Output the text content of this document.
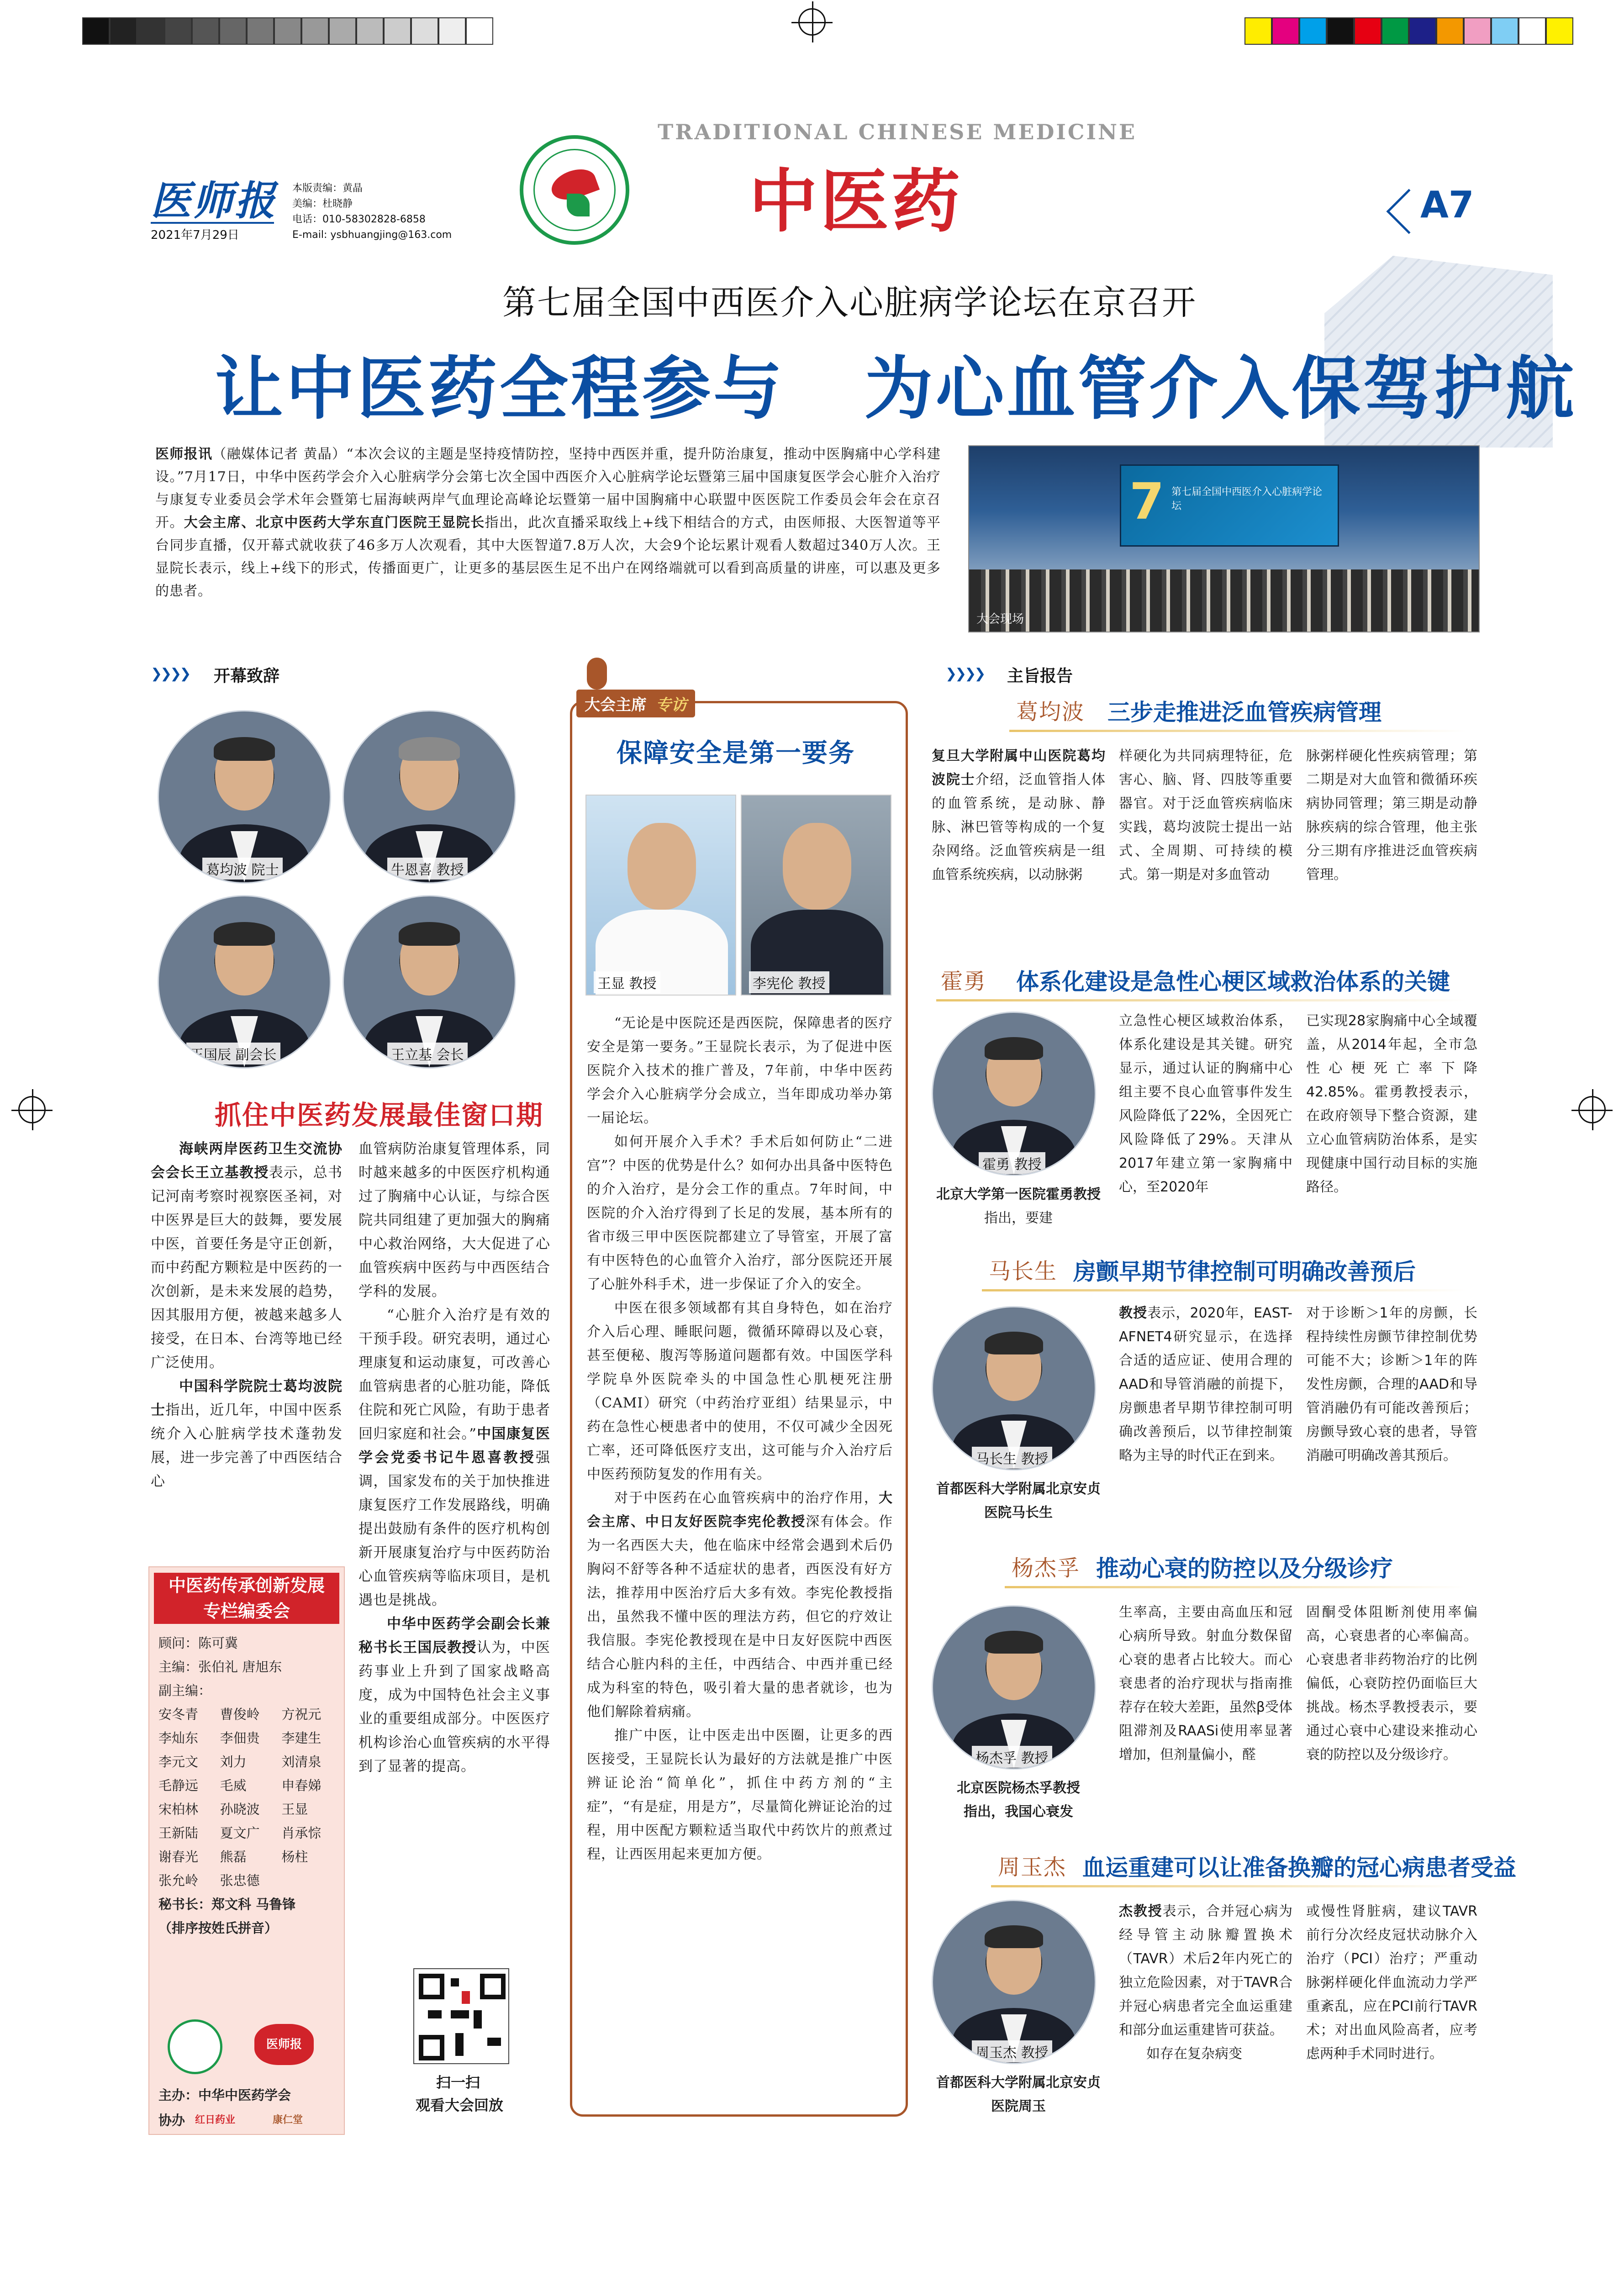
医师报
2021年7月29日
本版责编：黄晶
美编：杜晓静
电话：010-58302828-6858
E-mail: ysbhuangjing@163.com
TRADITIONAL CHINESE MEDICINE
中医药	A7
第七届全国中西医介入心脏病学论坛在京召开
让中医药全程参与   为心血管介入保驾护航
医师报讯（融媒体记者 黄晶）“本次会议的主题是坚持疫情防控，坚持中西医并重，提升防治康复，推动中医胸痛中心学科建设。”7月17日，中华中医药学会介入心脏病学分会第七次全国中西医介入心脏病学论坛暨第三届中国康复医学会心脏介入治疗与康复专业委员会学术年会暨第七届海峡两岸气血理论高峰论坛暨第一届中国胸痛中心联盟中医医院工作委员会年会在京召开。大会主席、北京中医药大学东直门医院王显院长指出，此次直播采取线上+线下相结合的方式，由医师报、大医智道等平台同步直播，仅开幕式就收获了46多万人次观看，其中大医智道7.8万人次，大会9个论坛累计观看人数超过340万人次。王显院长表示，线上+线下的形式，传播面更广，让更多的基层医生足不出户在网络端就可以看到高质量的讲座，可以惠及更多的患者。
7 第七届全国中西医介入心脏病学论坛
大会现场
❯❯❯❯ 开幕致辞
葛均波 院士	牛恩喜 教授
王国辰 副会长	王立基 会长
抓住中医药发展最佳窗口期

海峡两岸医药卫生交流协会会长王立基教授表示，总书记河南考察时视察医圣祠，对中医界是巨大的鼓舞，要发展中医，首要任务是守正创新，而中药配方颗粒是中医药的一次创新，是未来发展的趋势，因其服用方便，被越来越多人接受，在日本、台湾等地已经广泛使用。

中国科学院院士葛均波院士指出，近几年，中国中医系统介入心脏病学技术蓬勃发展，进一步完善了中西医结合心

血管病防治康复管理体系，同时越来越多的中医医疗机构通过了胸痛中心认证，与综合医院共同组建了更加强大的胸痛中心救治网络，大大促进了心血管疾病中医药与中西医结合学科的发展。

“心脏介入治疗是有效的干预手段。研究表明，通过心理康复和运动康复，可改善心血管病患者的心脏功能，降低住院和死亡风险，有助于患者回归家庭和社会。”中国康复医学会党委书记牛恩喜教授强调，国家发布的关于加快推进康复医疗工作发展路线，明确提出鼓励有条件的医疗机构创新开展康复治疗与中医药防治心血管疾病等临床项目，是机遇也是挑战。

中华中医药学会副会长兼秘书长王国辰教授认为，中医药事业上升到了国家战略高度，成为中国特色社会主义事业的重要组成部分。中医医疗机构诊治心血管疾病的水平得到了显著的提高。

中医药传承创新发展
专栏编委会
顾问：陈可冀
主编：张伯礼 唐旭东
副主编：
安冬青	曹俊岭	方祝元
李灿东	李佃贵	李建生
李元文	刘力	刘清泉
毛静远	毛威	申春娣
宋柏林	孙晓波	王显
王新陆	夏文广	肖承悰
谢春光	熊磊	杨柱
张允岭	张忠德
秘书长：郑文科 马鲁锋
（排序按姓氏拼音）
医师报
主办：中华中医药学会
协办 红日药业	康仁堂
扫一扫
观看大会回放
大会主席 专访
保障安全是第一要务
王显 教授	李宪伦 教授

“无论是中医院还是西医院，保障患者的医疗安全是第一要务。”王显院长表示，为了促进中医医院介入技术的推广普及，7年前，中华中医药学会介入心脏病学分会成立，当年即成功举办第一届论坛。

如何开展介入手术？手术后如何防止“二进宫”？中医的优势是什么？如何办出具备中医特色的介入治疗，是分会工作的重点。7年时间，中医院的介入治疗得到了长足的发展，基本所有的省市级三甲中医医院都建立了导管室，开展了富有中医特色的心血管介入治疗，部分医院还开展了心脏外科手术，进一步保证了介入的安全。

中医在很多领域都有其自身特色，如在治疗介入后心理、睡眠问题，微循环障碍以及心衰，甚至便秘、腹泻等肠道问题都有效。中国医学科学院阜外医院牵头的中国急性心肌梗死注册（CAMI）研究（中药治疗亚组）结果显示，中药在急性心梗患者中的使用，不仅可减少全因死亡率，还可降低医疗支出，这可能与介入治疗后中医药预防复发的作用有关。

对于中医药在心血管疾病中的治疗作用，大会主席、中日友好医院李宪伦教授深有体会。作为一名西医大夫，他在临床中经常会遇到术后仍胸闷不舒等各种不适症状的患者，西医没有好方法，推荐用中医治疗后大多有效。李宪伦教授指出，虽然我不懂中医的理法方药，但它的疗效让我信服。李宪伦教授现在是中日友好医院中西医结合心脏内科的主任，中西结合、中西并重已经成为科室的特色，吸引着大量的患者就诊，也为他们解除着病痛。

推广中医，让中医走出中医圈，让更多的西医接受，王显院长认为最好的方法就是推广中医辨证论治“简单化”，抓住中药方剂的“主症”，“有是症，用是方”，尽量简化辨证论治的过程，用中医配方颗粒适当取代中药饮片的煎煮过程，让西医用起来更加方便。

❯❯❯❯ 主旨报告
葛均波 三步走推进泛血管疾病管理
复旦大学附属中山医院葛均波院士介绍，泛血管指人体的血管系统，是动脉、静脉、淋巴管等构成的一个复杂网络。泛血管疾病是一组血管系统疾病，以动脉粥
样硬化为共同病理特征，危害心、脑、肾、四肢等重要器官。对于泛血管疾病临床实践，葛均波院士提出一站式、全周期、可持续的模式。第一期是对多血管动
脉粥样硬化性疾病管理；第二期是对大血管和微循环疾病协同管理；第三期是动静脉疾病的综合管理，他主张分三期有序推进泛血管疾病管理。
霍勇 体系化建设是急性心梗区域救治体系的关键
霍勇 教授
北京大学第一医院霍勇教授指出，要建
立急性心梗区域救治体系，体系化建设是其关键。研究显示，通过认证的胸痛中心组主要不良心血管事件发生风险降低了22%，全因死亡风险降低了29%。天津从2017年建立第一家胸痛中心，至2020年
已实现28家胸痛中心全域覆盖，从2014年起，全市急性心梗死亡率下降42.85%。霍勇教授表示，在政府领导下整合资源，建立心血管病防治体系，是实现健康中国行动目标的实施路径。
马长生 房颤早期节律控制可明确改善预后
马长生 教授
首都医科大学附属北京安贞医院马长生
教授表示，2020年，EAST-AFNET4研究显示，在选择合适的适应证、使用合理的AAD和导管消融的前提下，房颤患者早期节律控制可明确改善预后，以节律控制策略为主导的时代正在到来。
对于诊断＞1年的房颤，长程持续性房颤节律控制优势可能不大；诊断＞1年的阵发性房颤，合理的AAD和导管消融仍有可能改善预后；房颤导致心衰的患者，导管消融可明确改善其预后。
杨杰孚 推动心衰的防控以及分级诊疗
杨杰孚 教授
北京医院杨杰孚教授
指出，我国心衰发
生率高，主要由高血压和冠心病所导致。射血分数保留心衰的患者占比较大。而心衰患者的治疗现状与指南推荐存在较大差距，虽然β受体阻滞剂及RAASi使用率显著增加，但剂量偏小，醛
固酮受体阻断剂使用率偏高，心衰患者的心率偏高。心衰患者非药物治疗的比例偏低，心衰防控仍面临巨大挑战。杨杰孚教授表示，要通过心衰中心建设来推动心衰的防控以及分级诊疗。
周玉杰 血运重建可以让准备换瓣的冠心病患者受益
周玉杰 教授
首都医科大学附属北京安贞医院周玉
杰教授表示，合并冠心病为经导管主动脉瓣置换术（TAVR）术后2年内死亡的独立危险因素，对于TAVR合并冠心病患者完全血运重建和部分血运重建皆可获益。
如存在复杂病变
或慢性肾脏病，建议TAVR前行分次经皮冠状动脉介入治疗（PCI）治疗；严重动脉粥样硬化伴血流动力学严重紊乱，应在PCI前行TAVR术；对出血风险高者，应考虑两种手术同时进行。
